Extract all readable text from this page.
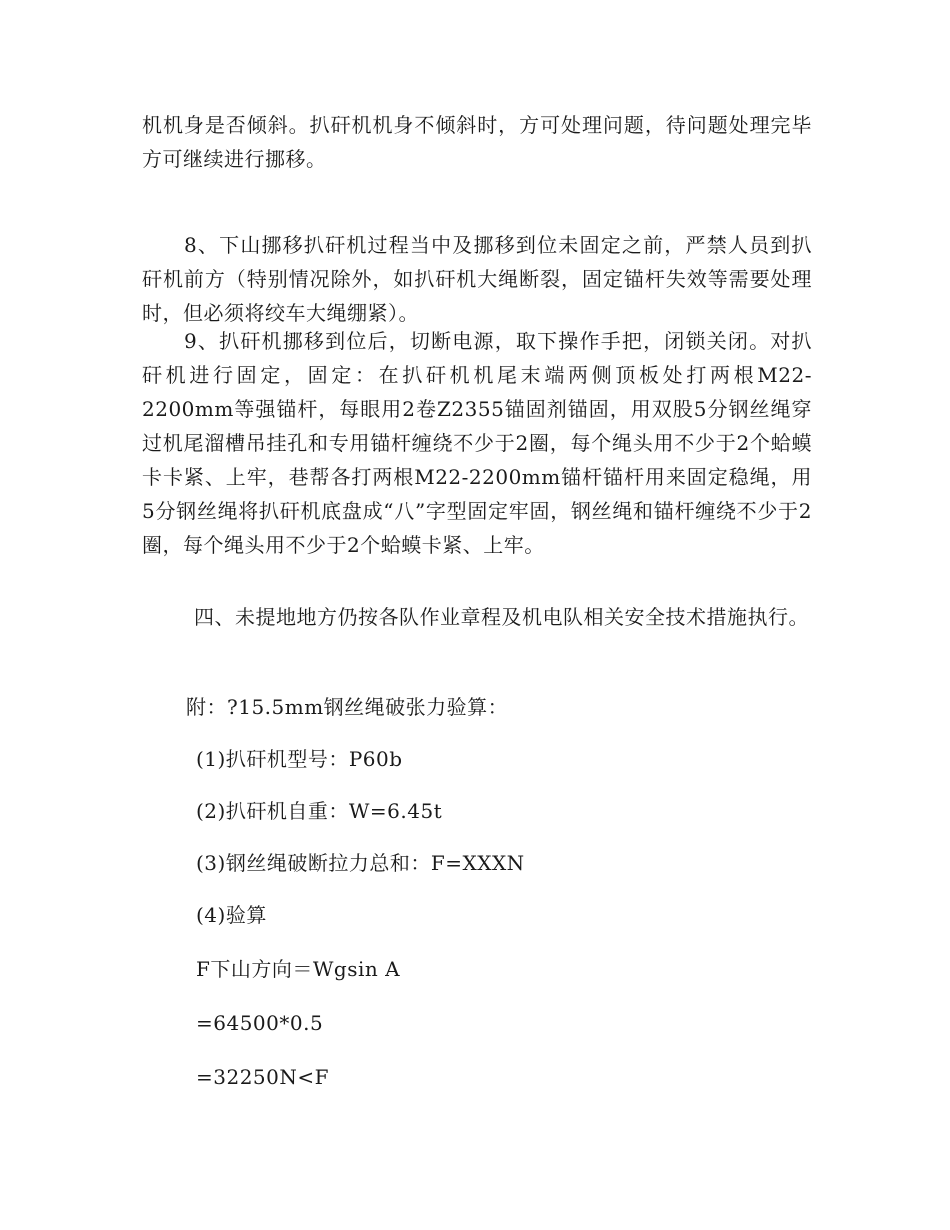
机机身是否倾斜。扒矸机机身不倾斜时，方可处理问题，待问题处理完毕方可继续进行挪移。

8、下山挪移扒矸机过程当中及挪移到位未固定之前，严禁人员到扒矸机前方（特别情况除外，如扒矸机大绳断裂，固定锚杆失效等需要处理时，但必须将绞车大绳绷紧）。

9、扒矸机挪移到位后，切断电源，取下操作手把，闭锁关闭。对扒矸机进行固定，固定：在扒矸机机尾末端两侧顶板处打两根M22-2200mm等强锚杆，每眼用2卷Z2355锚固剂锚固，用双股5分钢丝绳穿过机尾溜槽吊挂孔和专用锚杆缠绕不少于2圈，每个绳头用不少于2个蛤蟆卡卡紧、上牢，巷帮各打两根M22-2200mm锚杆锚杆用来固定稳绳，用5分钢丝绳将扒矸机底盘成“八”字型固定牢固，钢丝绳和锚杆缠绕不少于2圈，每个绳头用不少于2个蛤蟆卡紧、上牢。

四、未提地地方仍按各队作业章程及机电队相关安全技术措施执行。

附：?15.5mm钢丝绳破张力验算：

(1)扒矸机型号：P60b

(2)扒矸机自重：W=6.45t

(3)钢丝绳破断拉力总和：F=XXXN

(4)验算

F下山方向＝Wgsin A

=64500*0.5

=32250N<F
